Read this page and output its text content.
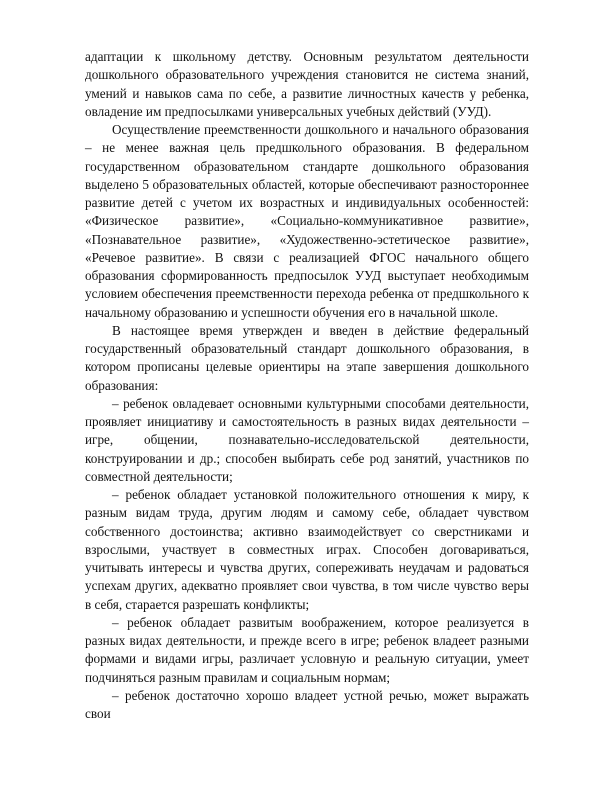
адаптации к школьному детству. Основным результатом деятельности дошкольного образовательного учреждения становится не система знаний, умений и навыков сама по себе, а развитие личностных качеств у ребенка, овладение им предпосылками универсальных учебных действий (УУД).

Осуществление преемственности дошкольного и начального образования – не менее важная цель предшкольного образования. В федеральном государственном образовательном стандарте дошкольного образования выделено 5 образовательных областей, которые обеспечивают разностороннее развитие детей с учетом их возрастных и индивидуальных особенностей: «Физическое развитие», «Социально-коммуникативное развитие», «Познавательное развитие», «Художественно-эстетическое развитие», «Речевое развитие». В связи с реализацией ФГОС начального общего образования сформированность предпосылок УУД выступает необходимым условием обеспечения преемственности перехода ребенка от предшкольного к начальному образованию и успешности обучения его в начальной школе.

В настоящее время утвержден и введен в действие федеральный государственный образовательный стандарт дошкольного образования, в котором прописаны целевые ориентиры на этапе завершения дошкольного образования:

– ребенок овладевает основными культурными способами деятельности, проявляет инициативу и самостоятельность в разных видах деятельности – игре, общении, познавательно-исследовательской деятельности, конструировании и др.; способен выбирать себе род занятий, участников по совместной деятельности;

– ребенок обладает установкой положительного отношения к миру, к разным видам труда, другим людям и самому себе, обладает чувством собственного достоинства; активно взаимодействует со сверстниками и взрослыми, участвует в совместных играх. Способен договариваться, учитывать интересы и чувства других, сопереживать неудачам и радоваться успехам других, адекватно проявляет свои чувства, в том числе чувство веры в себя, старается разрешать конфликты;

– ребенок обладает развитым воображением, которое реализуется в разных видах деятельности, и прежде всего в игре; ребенок владеет разными формами и видами игры, различает условную и реальную ситуации, умеет подчиняться разным правилам и социальным нормам;

– ребенок достаточно хорошо владеет устной речью, может выражать свои
